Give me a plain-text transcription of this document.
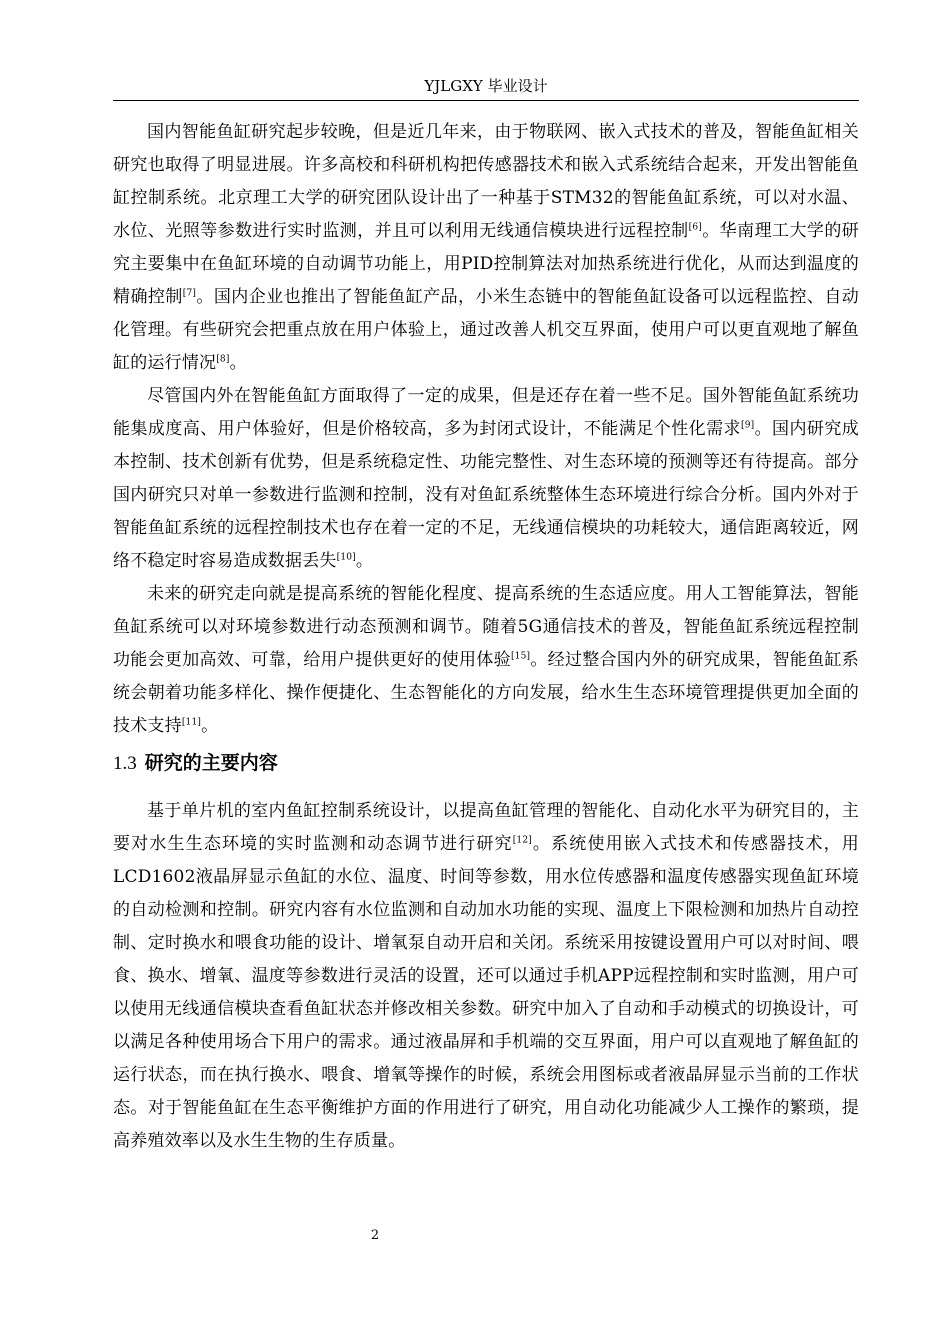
YJLGXY 毕业设计

国内智能鱼缸研究起步较晚，但是近几年来，由于物联网、嵌入式技术的普及，智能鱼缸相关研究也取得了明显进展。许多高校和科研机构把传感器技术和嵌入式系统结合起来，开发出智能鱼缸控制系统。北京理工大学的研究团队设计出了一种基于STM32的智能鱼缸系统，可以对水温、水位、光照等参数进行实时监测，并且可以利用无线通信模块进行远程控制[6]。华南理工大学的研究主要集中在鱼缸环境的自动调节功能上，用PID控制算法对加热系统进行优化，从而达到温度的精确控制[7]。国内企业也推出了智能鱼缸产品，小米生态链中的智能鱼缸设备可以远程监控、自动化管理。有些研究会把重点放在用户体验上，通过改善人机交互界面，使用户可以更直观地了解鱼缸的运行情况[8]。

尽管国内外在智能鱼缸方面取得了一定的成果，但是还存在着一些不足。国外智能鱼缸系统功能集成度高、用户体验好，但是价格较高，多为封闭式设计，不能满足个性化需求[9]。国内研究成本控制、技术创新有优势，但是系统稳定性、功能完整性、对生态环境的预测等还有待提高。部分国内研究只对单一参数进行监测和控制，没有对鱼缸系统整体生态环境进行综合分析。国内外对于智能鱼缸系统的远程控制技术也存在着一定的不足，无线通信模块的功耗较大，通信距离较近，网络不稳定时容易造成数据丢失[10]。

未来的研究走向就是提高系统的智能化程度、提高系统的生态适应度。用人工智能算法，智能鱼缸系统可以对环境参数进行动态预测和调节。随着5G通信技术的普及，智能鱼缸系统远程控制功能会更加高效、可靠，给用户提供更好的使用体验[15]。经过整合国内外的研究成果，智能鱼缸系统会朝着功能多样化、操作便捷化、生态智能化的方向发展，给水生生态环境管理提供更加全面的技术支持[11]。

1.3 研究的主要内容

基于单片机的室内鱼缸控制系统设计，以提高鱼缸管理的智能化、自动化水平为研究目的，主要对水生生态环境的实时监测和动态调节进行研究[12]。系统使用嵌入式技术和传感器技术，用LCD1602液晶屏显示鱼缸的水位、温度、时间等参数，用水位传感器和温度传感器实现鱼缸环境的自动检测和控制。研究内容有水位监测和自动加水功能的实现、温度上下限检测和加热片自动控制、定时换水和喂食功能的设计、增氧泵自动开启和关闭。系统采用按键设置用户可以对时间、喂食、换水、增氧、温度等参数进行灵活的设置，还可以通过手机APP远程控制和实时监测，用户可以使用无线通信模块查看鱼缸状态并修改相关参数。研究中加入了自动和手动模式的切换设计，可以满足各种使用场合下用户的需求。通过液晶屏和手机端的交互界面，用户可以直观地了解鱼缸的运行状态，而在执行换水、喂食、增氧等操作的时候，系统会用图标或者液晶屏显示当前的工作状态。对于智能鱼缸在生态平衡维护方面的作用进行了研究，用自动化功能减少人工操作的繁琐，提高养殖效率以及水生生物的生存质量。

2
